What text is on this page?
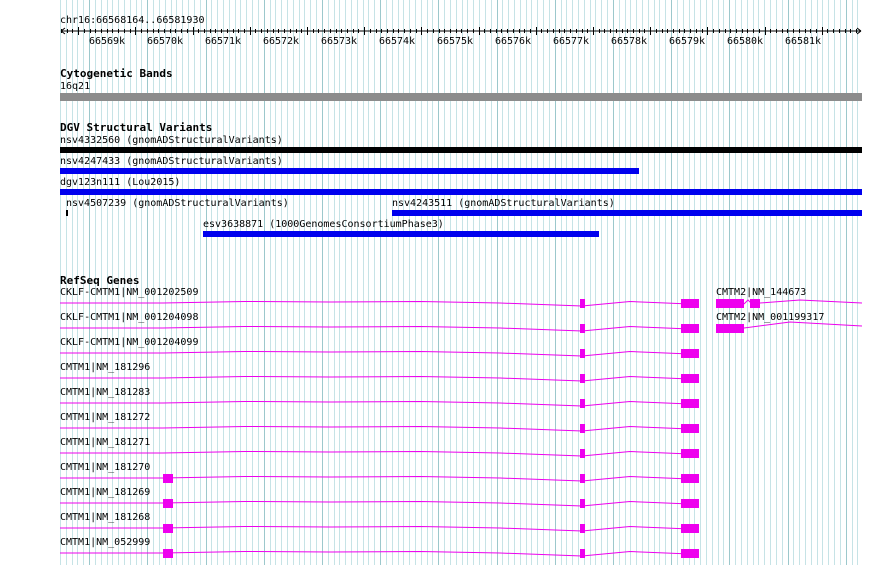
chr16:66568164..66581930
66569k 66570k 66571k 66572k 66573k 66574k 66575k 66576k 66577k 66578k 66579k 66580k 66581k
Cytogenetic Bands
16q21
DGV Structural Variants
nsv4332560 (gnomADStructuralVariants)
nsv4247433 (gnomADStructuralVariants)
dgv123n111 (Lou2015)
nsv4507239 (gnomADStructuralVariants)	nsv4243511 (gnomADStructuralVariants)
esv3638871 (1000GenomesConsortiumPhase3)
RefSeq Genes
CKLF-CMTM1|NM_001202509
CKLF-CMTM1|NM_001204098
CKLF-CMTM1|NM_001204099
CMTM1|NM_181296
CMTM1|NM_181283
CMTM1|NM_181272
CMTM1|NM_181271
CMTM1|NM_181270
CMTM1|NM_181269
CMTM1|NM_181268
CMTM1|NM_052999
CMTM2|NM_144673
CMTM2|NM_001199317
